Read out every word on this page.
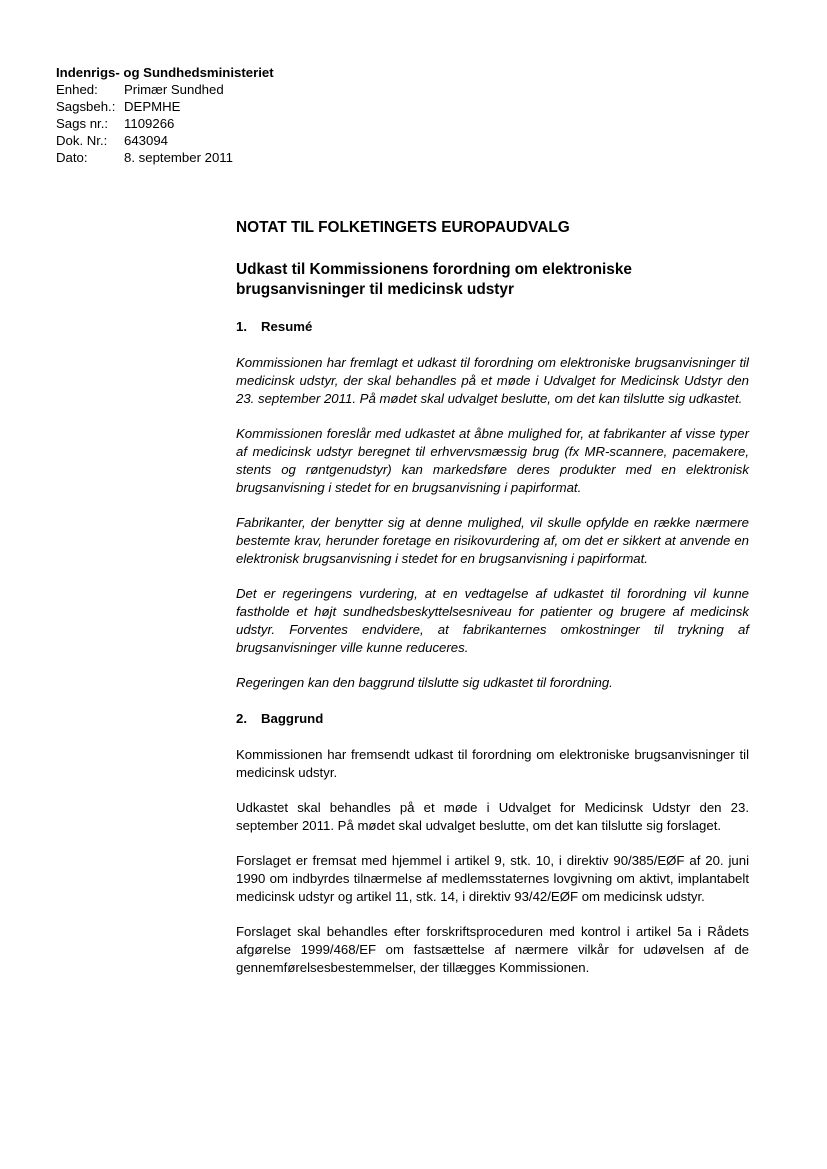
Indenrigs- og Sundhedsministeriet
Enhed:	Primær Sundhed
Sagsbeh.: DEPMHE
Sags nr.:	1109266
Dok. Nr.:	643094
Dato:	8. september 2011
NOTAT TIL FOLKETINGETS EUROPAUDVALG
Udkast til Kommissionens forordning om elektroniske brugsanvisninger til medicinsk udstyr
1.	Resumé

Kommissionen har fremlagt et udkast til forordning om elektroniske brugsanvisninger til medicinsk udstyr, der skal behandles på et møde i Udvalget for Medicinsk Udstyr den 23. september 2011. På mødet skal udvalget beslutte, om det kan tilslutte sig udkastet.

Kommissionen foreslår med udkastet at åbne mulighed for, at fabrikanter af visse typer af medicinsk udstyr beregnet til erhvervsmæssig brug (fx MR-scannere, pacemakere, stents og røntgenudstyr) kan markedsføre deres produkter med en elektronisk brugsanvisning i stedet for en brugsanvisning i papirformat.

Fabrikanter, der benytter sig at denne mulighed, vil skulle opfylde en række nærmere bestemte krav, herunder foretage en risikovurdering af, om det er sikkert at anvende en elektronisk brugsanvisning i stedet for en brugsanvisning i papirformat.

Det er regeringens vurdering, at en vedtagelse af udkastet til forordning vil kunne fastholde et højt sundhedsbeskyttelsesniveau for patienter og brugere af medicinsk udstyr. Forventes endvidere, at fabrikanternes omkostninger til trykning af brugsanvisninger ville kunne reduceres.

Regeringen kan den baggrund tilslutte sig udkastet til forordning.

2.	Baggrund

Kommissionen har fremsendt udkast til forordning om elektroniske brugsanvisninger til medicinsk udstyr.

Udkastet skal behandles på et møde i Udvalget for Medicinsk Udstyr den 23. september 2011. På mødet skal udvalget beslutte, om det kan tilslutte sig forslaget.

Forslaget er fremsat med hjemmel i artikel 9, stk. 10, i direktiv 90/385/EØF af 20. juni 1990 om indbyrdes tilnærmelse af medlemsstaternes lovgivning om aktivt, implantabelt medicinsk udstyr og artikel 11, stk. 14, i direktiv 93/42/EØF om medicinsk udstyr.

Forslaget skal behandles efter forskriftsproceduren med kontrol i artikel 5a i Rådets afgørelse 1999/468/EF om fastsættelse af nærmere vilkår for udøvelsen af de gennemførelsesbestemmelser, der tillægges Kommissionen.
